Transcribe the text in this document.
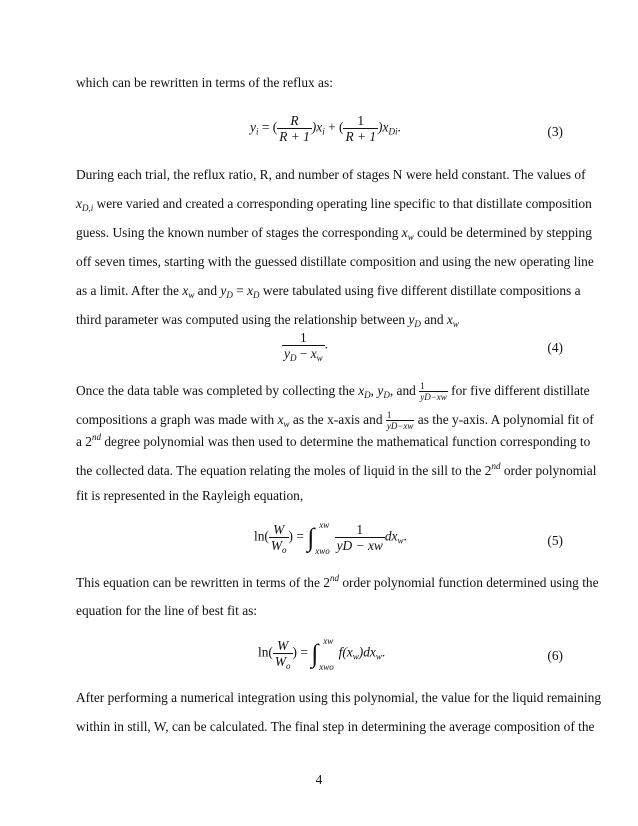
which can be rewritten in terms of the reflux as:
$y_i$ = ( $\frac{R}{R + 1} )x_i$ + ( $\frac{1}{R + 1} )x_{Di}$.	(3)
During each trial, the reflux ratio, R, and number of stages N were held constant. The values of
$x_{D,i}$ were varied and created a corresponding operating line specific to that distillate composition
guess. Using the known number of stages the corresponding $x_w$ could be determined by stepping
off seven times, starting with the guessed distillate composition and using the new operating line
as a limit. After the $x_w$ and $y_D = x_D$ were tabulated using five different distillate compositions a
third parameter was computed using the relationship between $y_D$ and $x_w$
$\frac{1}{y_D - x_w}$ .	(4)
Once the data table was completed by collecting the $x_D$, $y_D$, and $\frac{1}{yD-xw}$ for five different distillate
compositions a graph was made with $x_w$ as the x-axis and $\frac{1}{yD-xw}$ as the y-axis. A polynomial fit of
a 2nd degree polynomial was then used to determine the mathematical function corresponding to
the collected data. The equation relating the moles of liquid in the sill to the 2nd order polynomial
fit is represented in the Rayleigh equation,
$\ln( \frac{W}{W_o}$ ) = ∫ xw
xwo
$\frac{1}{yD - xw} dx_w$.	(5)
This equation can be rewritten in terms of the 2nd order polynomial function determined using the
equation for the line of best fit as:
$\ln( \frac{W}{W_o}$ ) = ∫ xw
xwo
$f(x_w)dx_w$.	(6)
After performing a numerical integration using this polynomial, the value for the liquid remaining
within in still, W, can be calculated. The final step in determining the average composition of the
4
